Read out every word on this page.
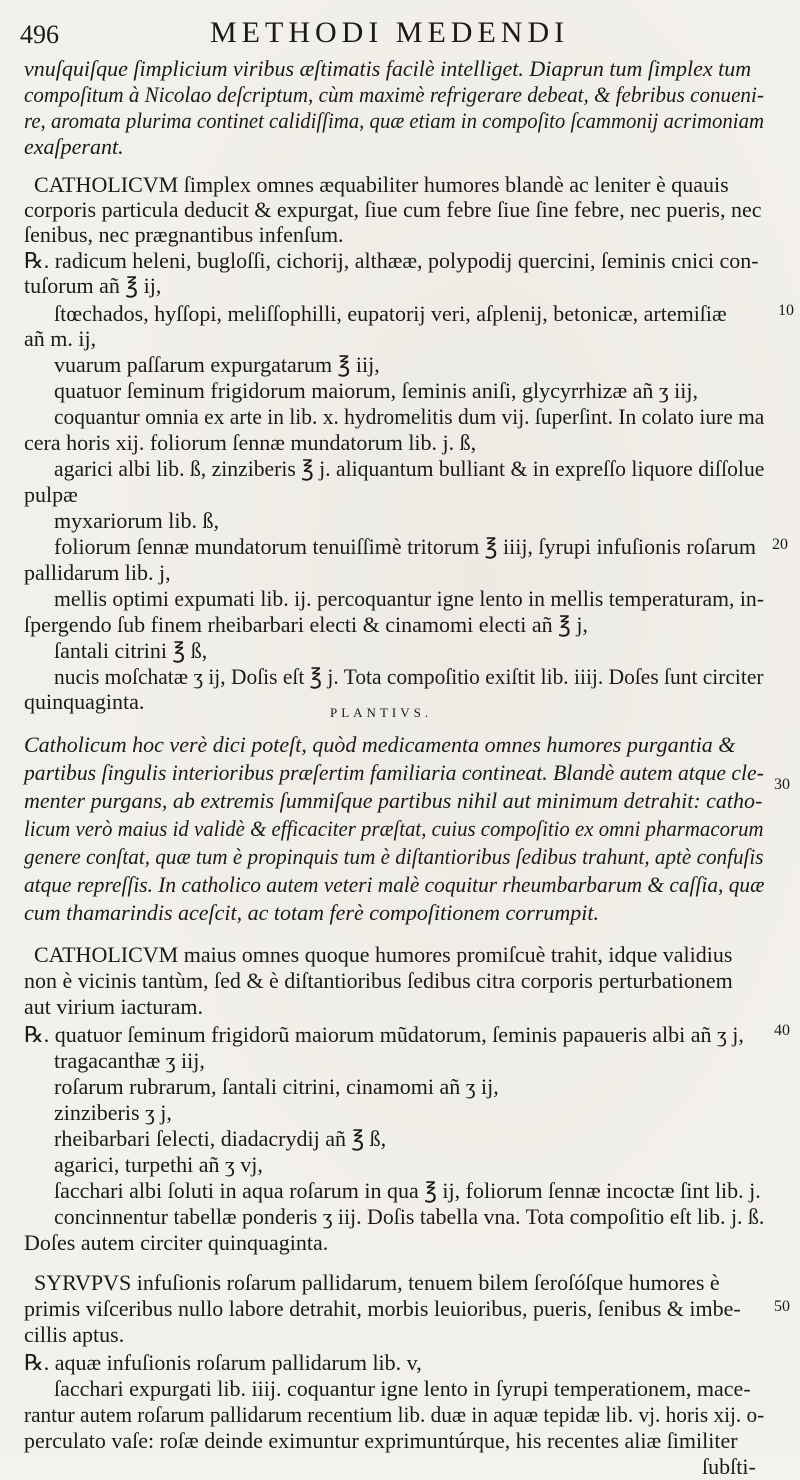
496	METHODI MEDENDI
vnuſquiſque ſimplicium viribus æſtimatis facilè intelliget. Diaprun tum ſimplex tum
compoſitum à Nicolao deſcriptum, cùm maximè refrigerare debeat, & febribus conueni-
re, aromata plurima continet calidiſſima, quæ etiam in compoſito ſcammonij acrimoniam
exaſperant.
CATHOLICVM ſimplex omnes æquabiliter humores blandè ac leniter è quauis
corporis particula deducit & expurgat, ſiue cum febre ſiue ſine febre, nec pueris, nec
ſenibus, nec prægnantibus infenſum.
℞. radicum heleni, bugloſſi, cichorij, althææ, polypodij quercini, ſeminis cnici con-
tuſorum añ ℥ ij,
ſtœchados, hyſſopi, meliſſophilli, eupatorij veri, aſplenij, betonicæ, artemiſiæ
añ m. ij,
vuarum paſſarum expurgatarum ℥ iij,
quatuor ſeminum frigidorum maiorum, ſeminis aniſi, glycyrrhizæ añ ʒ iij,
coquantur omnia ex arte in lib. x. hydromelitis dum vij. ſuperſint. In colato iure ma
cera horis xij. foliorum ſennæ mundatorum lib. j. ß,
agarici albi lib. ß, zinziberis ℥ j. aliquantum bulliant & in expreſſo liquore diſſolue
pulpæ
myxariorum lib. ß,
foliorum ſennæ mundatorum tenuiſſimè tritorum ℥ iiij, ſyrupi infuſionis roſarum
pallidarum lib. j,
mellis optimi expumati lib. ij. percoquantur igne lento in mellis temperaturam, in-
ſpergendo ſub finem rheibarbari electi & cinamomi electi añ ℥ j,
ſantali citrini ℥ ß,
nucis moſchatæ ʒ ij, Doſis eſt ℥ j. Tota compoſitio exiſtit lib. iiij. Doſes ſunt circiter
quinquaginta.
Catholicum hoc verè dici poteſt, quòd medicamenta omnes humores purgantia &
partibus ſingulis interioribus præſertim familiaria contineat. Blandè autem atque cle-
menter purgans, ab extremis ſummiſque partibus nihil aut minimum detrahit: catho-
licum verò maius id validè & efficaciter præſtat, cuius compoſitio ex omni pharmacorum
genere conſtat, quæ tum è propinquis tum è diſtantioribus ſedibus trahunt, aptè confuſis
atque repreſſis. In catholico autem veteri malè coquitur rheumbarbarum & caſſia, quæ
cum thamarindis aceſcit, ac totam ferè compoſitionem corrumpit.
CATHOLICVM maius omnes quoque humores promiſcuè trahit, idque validius
non è vicinis tantùm, ſed & è diſtantioribus ſedibus citra corporis perturbationem
aut virium iacturam.
℞. quatuor ſeminum frigidorũ maiorum mũdatorum, ſeminis papaueris albi añ ʒ j,
tragacanthæ ʒ iij,
roſarum rubrarum, ſantali citrini, cinamomi añ ʒ ij,
zinziberis ʒ j,
rheibarbari ſelecti, diadacrydij añ ℥ ß,
agarici, turpethi añ ʒ vj,
ſacchari albi ſoluti in aqua roſarum in qua ℥ ij, foliorum ſennæ incoctæ ſint lib. j.
concinnentur tabellæ ponderis ʒ iij. Doſis tabella vna. Tota compoſitio eſt lib. j. ß.
Doſes autem circiter quinquaginta.
SYRVPVS infuſionis roſarum pallidarum, tenuem bilem ſeroſóſque humores è
primis viſceribus nullo labore detrahit, morbis leuioribus, pueris, ſenibus & imbe-
cillis aptus.
℞. aquæ infuſionis roſarum pallidarum lib. v,
ſacchari expurgati lib. iiij. coquantur igne lento in ſyrupi temperationem, mace-
rantur autem roſarum pallidarum recentium lib. duæ in aquæ tepidæ lib. vj. horis xij. o-
perculato vaſe: roſæ deinde eximuntur exprimuntúrque, his recentes aliæ ſimiliter
ſubſti-
PLANTIVS.
10
20
30
40
50
